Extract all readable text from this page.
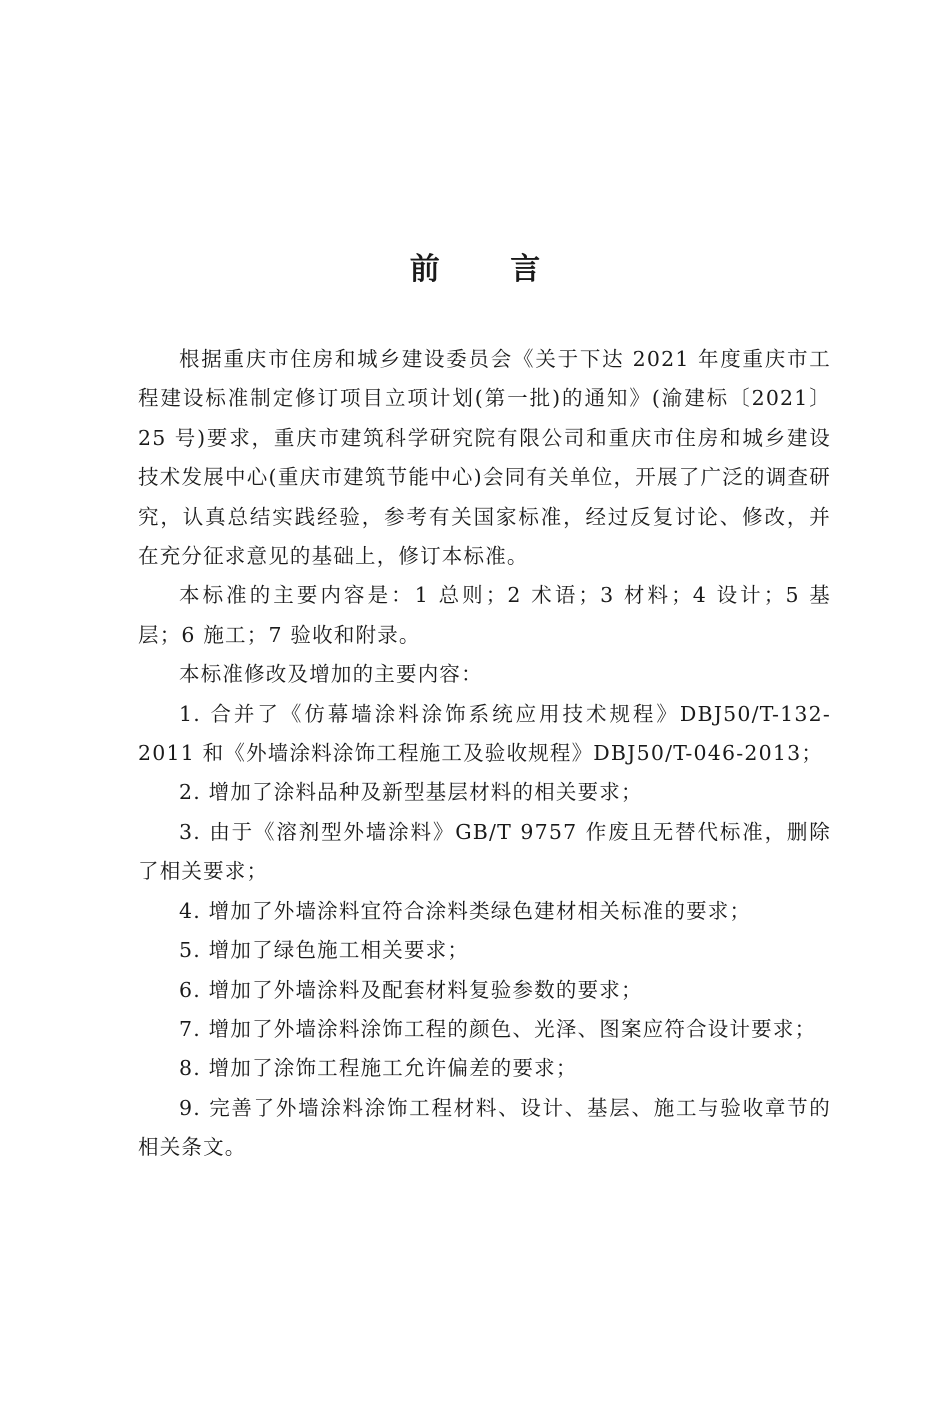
前 言

根据重庆市住房和城乡建设委员会《关于下达 2021 年度重庆市工程建设标准制定修订项目立项计划(第一批)的通知》(渝建标〔2021〕25 号)要求，重庆市建筑科学研究院有限公司和重庆市住房和城乡建设技术发展中心(重庆市建筑节能中心)会同有关单位，开展了广泛的调查研究，认真总结实践经验，参考有关国家标准，经过反复讨论、修改，并在充分征求意见的基础上，修订本标准。

本标准的主要内容是：1 总则；2 术语；3 材料；4 设计；5 基层；6 施工；7 验收和附录。

本标准修改及增加的主要内容：

1. 合并了《仿幕墙涂料涂饰系统应用技术规程》DBJ50/T-132-2011 和《外墙涂料涂饰工程施工及验收规程》DBJ50/T-046-2013；

2. 增加了涂料品种及新型基层材料的相关要求；

3. 由于《溶剂型外墙涂料》GB/T 9757 作废且无替代标准，删除了相关要求；

4. 增加了外墙涂料宜符合涂料类绿色建材相关标准的要求；

5. 增加了绿色施工相关要求；

6. 增加了外墙涂料及配套材料复验参数的要求；

7. 增加了外墙涂料涂饰工程的颜色、光泽、图案应符合设计要求；

8. 增加了涂饰工程施工允许偏差的要求；

9. 完善了外墙涂料涂饰工程材料、设计、基层、施工与验收章节的相关条文。
